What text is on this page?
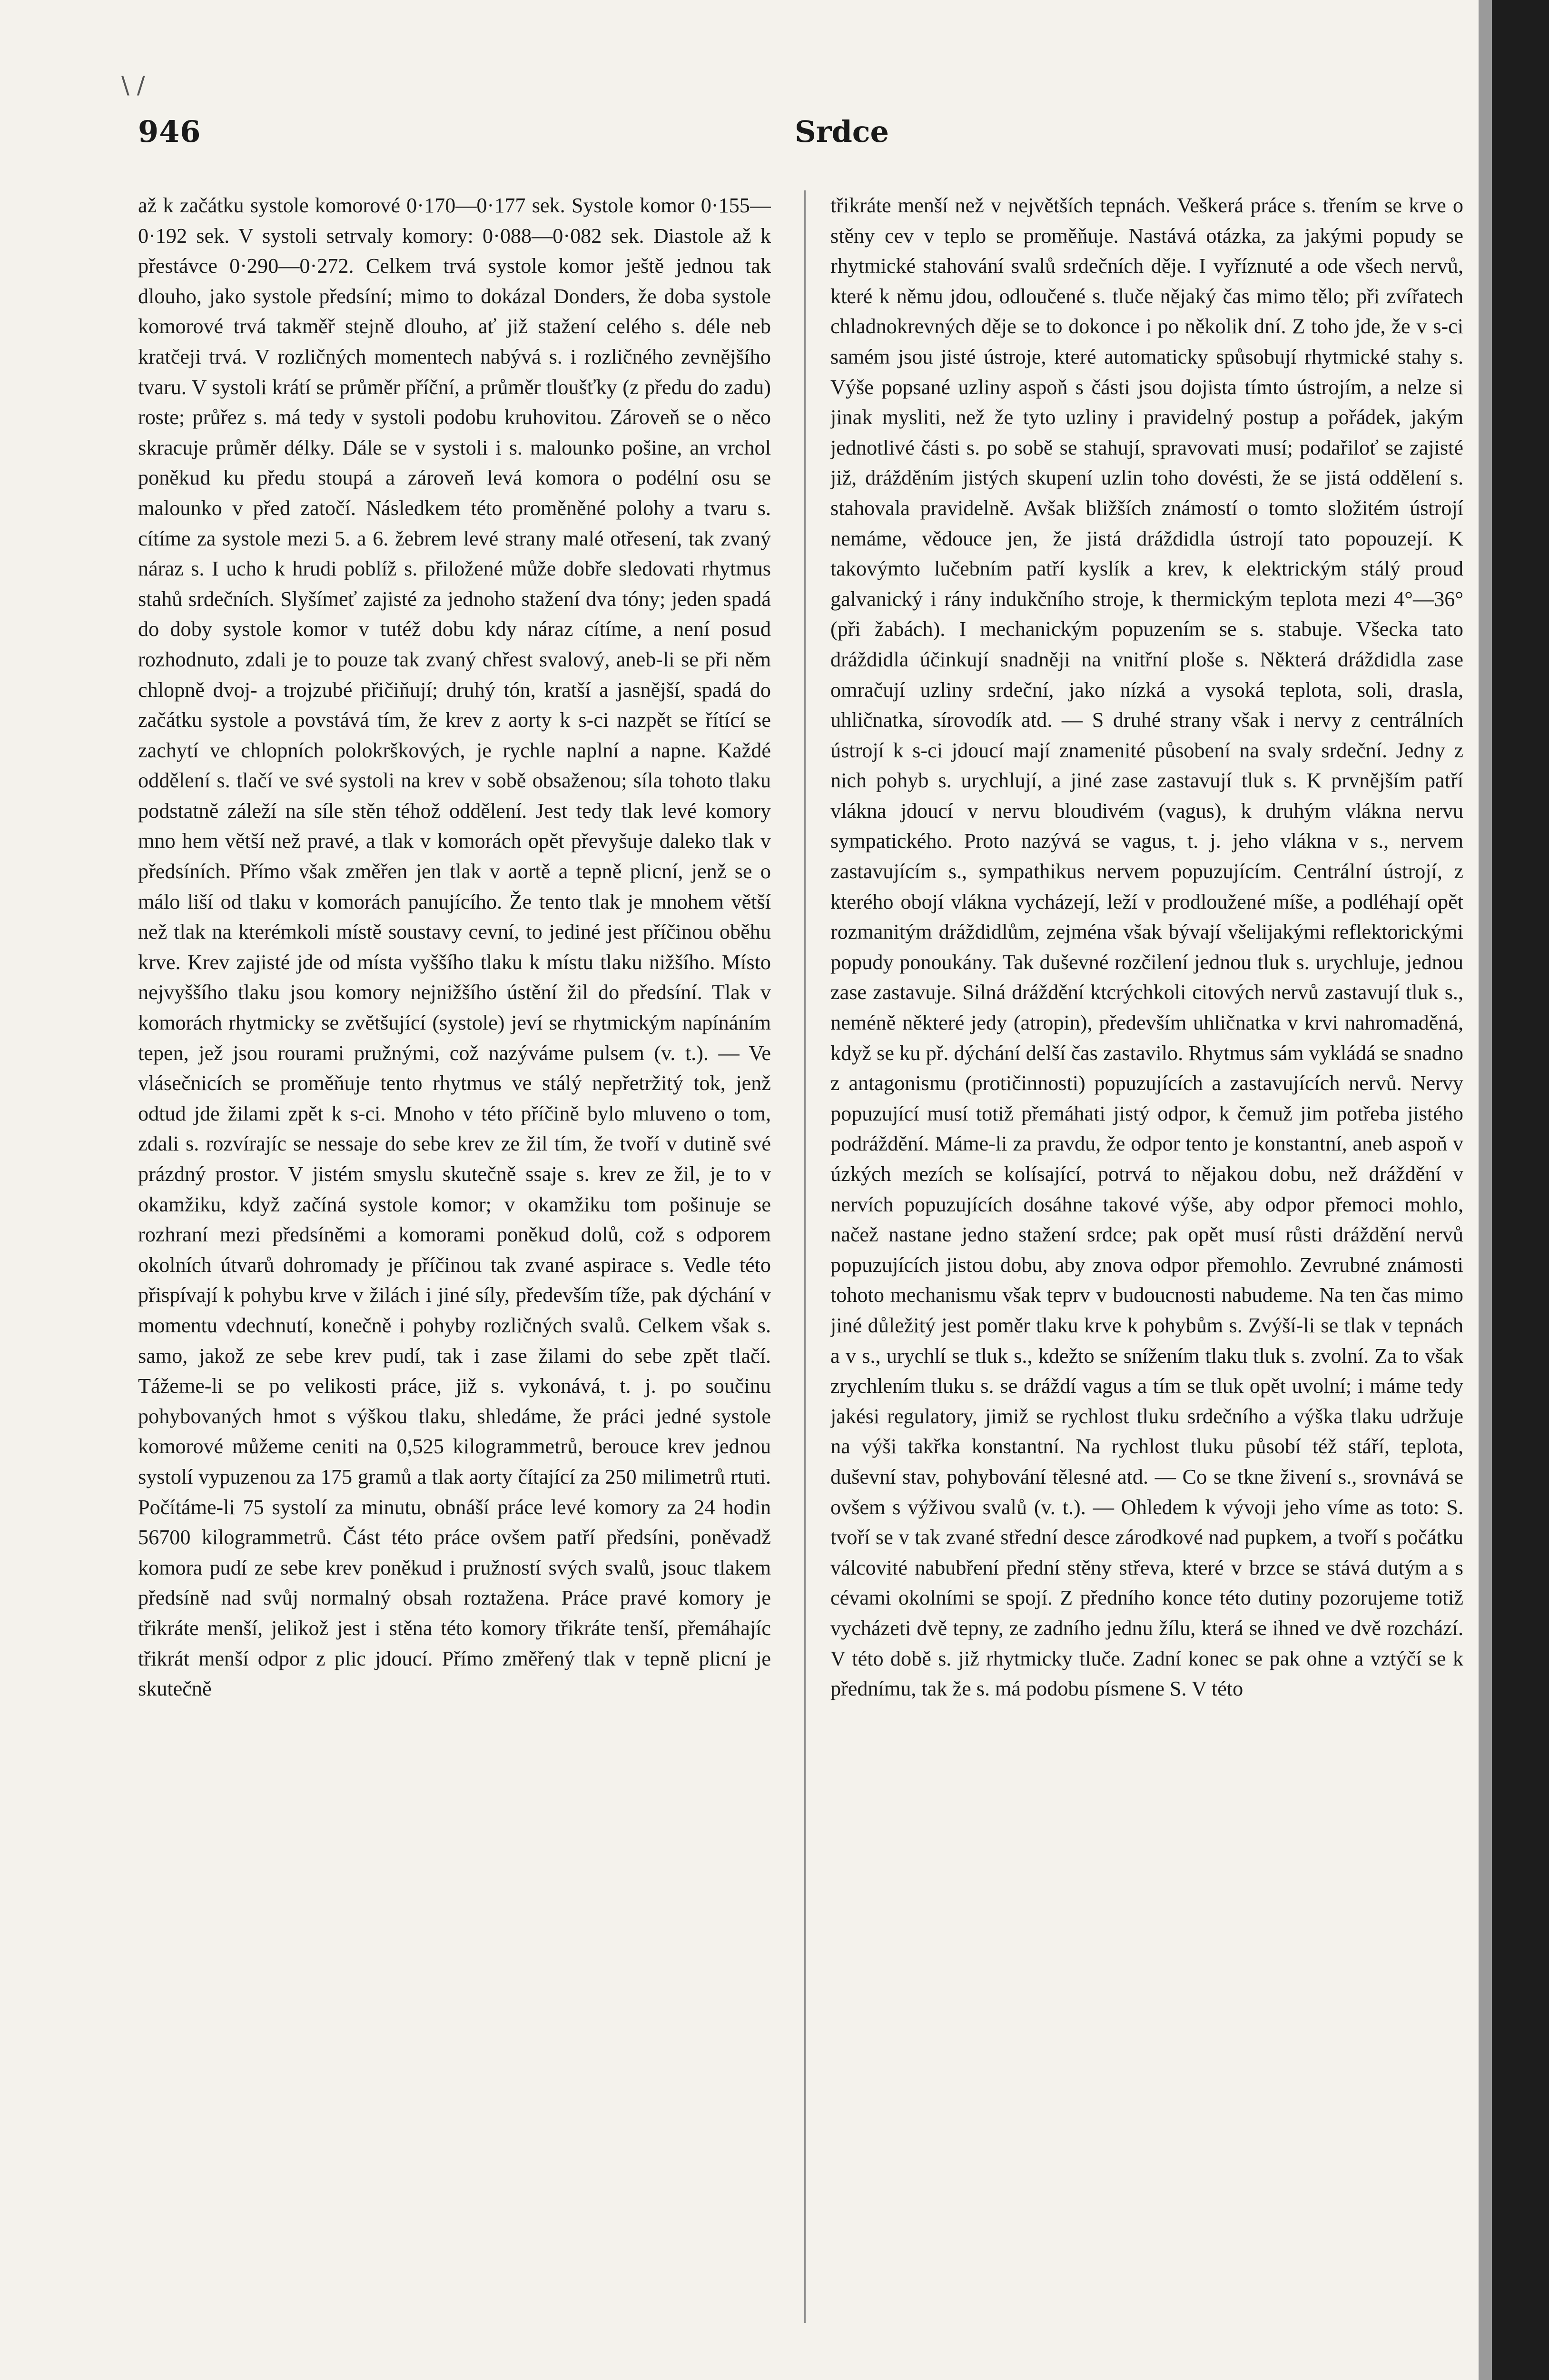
\ /
946	Srdce

až k začátku systole komorové 0·170—0·177 sek. Systole komor 0·155—0·192 sek. V systoli setrvaly komory: 0·088—0·082 sek. Diastole až k přestávce 0·290—0·272. Celkem trvá systole komor ještě jednou tak dlouho, jako systole předsíní; mimo to dokázal Donders, že doba systole komorové trvá takměř stejně dlouho, ať již stažení celého s. déle neb kratčeji trvá. V rozličných momentech nabývá s. i rozličného zevnějšího tvaru. V systoli krátí se průměr příční, a průměr tloušťky (z předu do zadu) roste; průřez s. má tedy v systoli podobu kruhovitou. Zároveň se o něco skracuje průměr délky. Dále se v systoli i s. malounko pošine, an vrchol poněkud ku předu stoupá a zároveň levá komora o podélní osu se malounko v před zatočí. Následkem této proměněné polohy a tvaru s. cítíme za systole mezi 5. a 6. žebrem levé strany malé otřesení, tak zvaný náraz s. I ucho k hrudi poblíž s. přiložené může dobře sledovati rhytmus stahů srdečních. Slyšímeť zajisté za jednoho stažení dva tóny; jeden spadá do doby systole komor v tutéž dobu kdy náraz cítíme, a není posud rozhodnuto, zdali je to pouze tak zvaný chřest svalový, aneb-li se při něm chlopně dvoj- a trojzubé přičiňují; druhý tón, kratší a jasnější, spadá do začátku systole a povstává tím, že krev z aorty k s-ci nazpět se řítící se zachytí ve chlopních polokrškových, je rychle naplní a napne. Každé oddělení s. tlačí ve své systoli na krev v sobě obsaženou; síla tohoto tlaku podstatně záleží na síle stěn téhož oddělení. Jest tedy tlak levé komory mno hem větší než pravé, a tlak v komorách opět převyšuje daleko tlak v předsíních. Přímo však změřen jen tlak v aortě a tepně plicní, jenž se o málo liší od tlaku v komorách panujícího. Že tento tlak je mnohem větší než tlak na kterémkoli místě soustavy cevní, to jediné jest příčinou oběhu krve. Krev zajisté jde od místa vyššího tlaku k místu tlaku nižšího. Místo nejvyššího tlaku jsou komory nejnižšího ústění žil do předsíní. Tlak v komorách rhytmicky se zvětšující (systole) jeví se rhytmickým napínáním tepen, jež jsou rourami pružnými, což nazýváme pulsem (v. t.). — Ve vlásečnicích se proměňuje tento rhytmus ve stálý nepřetržitý tok, jenž odtud jde žilami zpět k s-ci. Mnoho v této příčině bylo mluveno o tom, zdali s. rozvírajíc se nessaje do sebe krev ze žil tím, že tvoří v dutině své prázdný prostor. V jistém smyslu skutečně ssaje s. krev ze žil, je to v okamžiku, když začíná systole komor; v okamžiku tom pošinuje se rozhraní mezi předsíněmi a komorami poněkud dolů, což s odporem okolních útvarů dohromady je příčinou tak zvané aspirace s. Vedle této přispívají k pohybu krve v žilách i jiné síly, především tíže, pak dýchání v momentu vdechnutí, konečně i pohyby rozličných svalů. Celkem však s. samo, jakož ze sebe krev pudí, tak i zase žilami do sebe zpět tlačí. Tážeme-li se po velikosti práce, již s. vykonává, t. j. po součinu pohybovaných hmot s výškou tlaku, shledáme, že práci jedné systole komorové můžeme ceniti na 0,525 kilogrammetrů, berouce krev jednou systolí vypuzenou za 175 gramů a tlak aorty čítající za 250 milimetrů rtuti. Počítáme-li 75 systolí za minutu, obnáší práce levé komory za 24 hodin 56700 kilogrammetrů. Část této práce ovšem patří předsíni, poněvadž komora pudí ze sebe krev poněkud i pružností svých svalů, jsouc tlakem předsíně nad svůj normalný obsah roztažena. Práce pravé komory je třikráte menší, jelikož jest i stěna této komory třikráte tenší, přemáhajíc třikrát menší odpor z plic jdoucí. Přímo změřený tlak v tepně plicní je skutečně

třikráte menší než v největších tepnách. Veškerá práce s. třením se krve o stěny cev v teplo se proměňuje. Nastává otázka, za jakými popudy se rhytmické stahování svalů srdečních děje. I vyříznuté a ode všech nervů, které k němu jdou, odloučené s. tluče nějaký čas mimo tělo; při zvířatech chladnokrevných děje se to dokonce i po několik dní. Z toho jde, že v s-ci samém jsou jisté ústroje, které automaticky spůsobují rhytmické stahy s. Výše popsané uzliny aspoň s části jsou dojista tímto ústrojím, a nelze si jinak mysliti, než že tyto uzliny i pravidelný postup a pořádek, jakým jednotlivé části s. po sobě se stahují, spravovati musí; podařiloť se zajisté již, drážděním jistých skupení uzlin toho dovésti, že se jistá oddělení s. stahovala pravidelně. Avšak bližších známostí o tomto složitém ústrojí nemáme, vědouce jen, že jistá dráždidla ústrojí tato popouzejí. K takovýmto lučebním patří kyslík a krev, k elektrickým stálý proud galvanický i rány indukčního stroje, k thermickým teplota mezi 4°—36° (při žabách). I mechanickým popuzením se s. stabuje. Všecka tato dráždidla účinkují snadněji na vnitřní ploše s. Některá dráždidla zase omračují uzliny srdeční, jako nízká a vysoká teplota, soli, drasla, uhličnatka, sírovodík atd. — S druhé strany však i nervy z centrálních ústrojí k s-ci jdoucí mají znamenité působení na svaly srdeční. Jedny z nich pohyb s. urychlují, a jiné zase zastavují tluk s. K prvnějším patří vlákna jdoucí v nervu bloudivém (vagus), k druhým vlákna nervu sympatického. Proto nazývá se vagus, t. j. jeho vlákna v s., nervem zastavujícím s., sympathikus nervem popuzujícím. Centrální ústrojí, z kterého obojí vlákna vycházejí, leží v prodloužené míše, a podléhají opět rozmanitým dráždidlům, zejména však bývají všelijakými reflektorickými popudy ponoukány. Tak duševné rozčilení jednou tluk s. urychluje, jednou zase zastavuje. Silná dráždění ktcrýchkoli citových nervů zastavují tluk s., neméně některé jedy (atropin), především uhličnatka v krvi nahromaděná, když se ku př. dýchání delší čas zastavilo. Rhytmus sám vykládá se snadno z antagonismu (protičinnosti) popuzujících a zastavujících nervů. Nervy popuzující musí totiž přemáhati jistý odpor, k čemuž jim potřeba jistého podráždění. Máme-li za pravdu, že odpor tento je konstantní, aneb aspoň v úzkých mezích se kolísající, potrvá to nějakou dobu, než dráždění v nervích popuzujících dosáhne takové výše, aby odpor přemoci mohlo, načež nastane jedno stažení srdce; pak opět musí růsti dráždění nervů popuzujících jistou dobu, aby znova odpor přemohlo. Zevrubné známosti tohoto mechanismu však teprv v budoucnosti nabudeme. Na ten čas mimo jiné důležitý jest poměr tlaku krve k pohybům s. Zvýší-li se tlak v tepnách a v s., urychlí se tluk s., kdežto se snížením tlaku tluk s. zvolní. Za to však zrychlením tluku s. se dráždí vagus a tím se tluk opět uvolní; i máme tedy jakési regulatory, jimiž se rychlost tluku srdečního a výška tlaku udržuje na výši takřka konstantní. Na rychlost tluku působí též stáří, teplota, duševní stav, pohybování tělesné atd. — Co se tkne živení s., srovnává se ovšem s výživou svalů (v. t.). — Ohledem k vývoji jeho víme as toto: S. tvoří se v tak zvané střední desce zárodkové nad pupkem, a tvoří s počátku válcovité nabubření přední stěny střeva, které v brzce se stává dutým a s cévami okolními se spojí. Z předního konce této dutiny pozorujeme totiž vycházeti dvě tepny, ze zadního jednu žílu, která se ihned ve dvě rozchází. V této době s. již rhytmicky tluče. Zadní konec se pak ohne a vztýčí se k přednímu, tak že s. má podobu písmene S. V této
